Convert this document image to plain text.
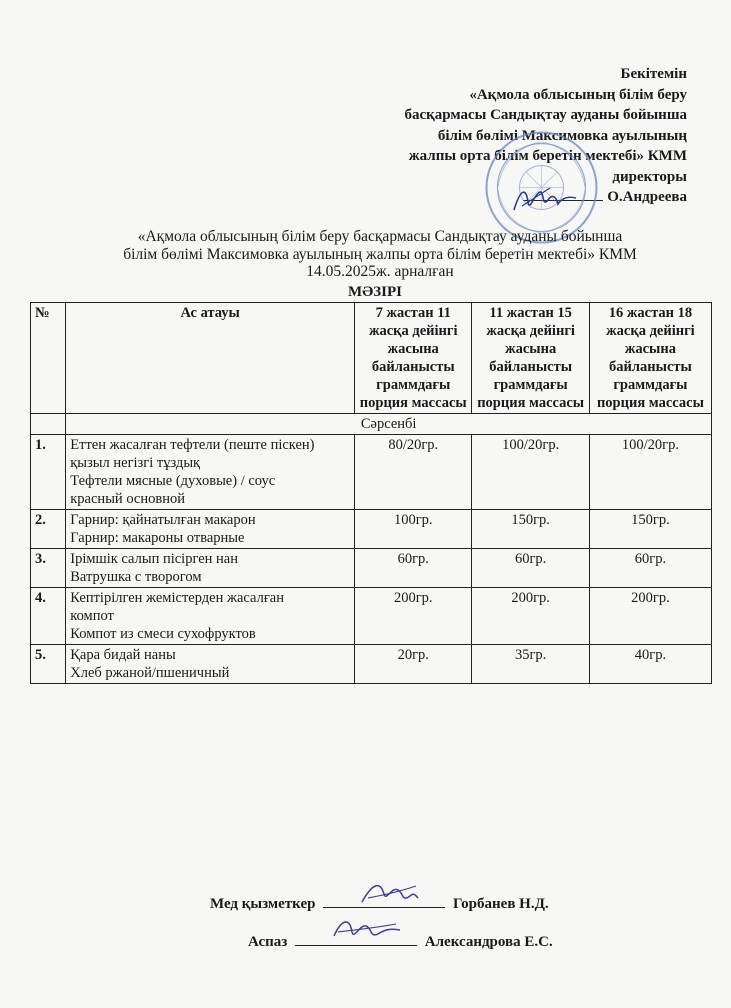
Бекітемін
«Ақмола облысының білім беру
басқармасы Сандықтау ауданы бойынша
білім бөлімі Максимовка ауылының
жалпы орта білім беретін мектебі» КММ
директоры
О.Андреева
«Ақмола облысының білім беру басқармасы Сандықтау ауданы бойынша
білім бөлімі Максимовка ауылының жалпы орта білім беретін мектебі» КММ
14.05.2025ж. арналған
МӘЗІРІ
№	Ас атауы	7 жастан 11 жасқа дейінгі жасына байланысты граммдағы порция массасы	11 жастан 15 жасқа дейінгі жасына байланысты граммдағы порция массасы	16 жастан 18 жасқа дейінгі жасына байланысты граммдағы порция массасы
	Сәрсенбі			
1.	Еттен жасалған тефтели (пеште піскен)
қызыл негізгі тұздық
Тефтели мясные (духовые) / соус
красный основной	80/20гр.	100/20гр.	100/20гр.
2.	Гарнир: қайнатылған макарон
Гарнир: макароны отварные	100гр.	150гр.	150гр.
3.	Ірімшік салып пісірген нан
Ватрушка с творогом	60гр.	60гр.	60гр.
4.	Кептірілген жемістерден жасалған
компот
Компот из смеси сухофруктов	200гр.	200гр.	200гр.
5.	Қара бидай наны
Хлеб ржаной/пшеничный	20гр.	35гр.	40гр.
Мед қызметкер	Горбанев Н.Д.
Аспаз	Александрова Е.С.
